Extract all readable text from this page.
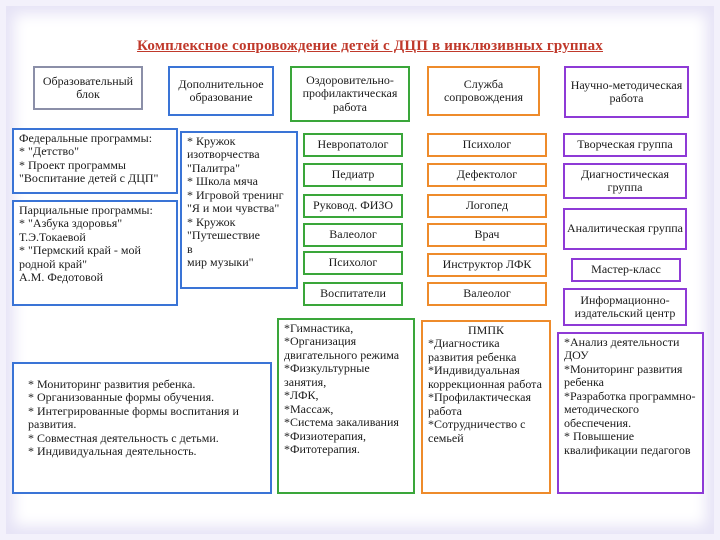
Комплексное сопровождение детей с ДЦП в инклюзивных группах
Образовательный блок
Дополнительное образование
Оздоровительно-профилактическая работа
Служба сопровождения
Научно-методическая работа
Федеральные программы:
* "Детство"
* Проект программы
"Воспитание детей с ДЦП"
Парциальные программы:
* "Азбука здоровья"
Т.Э.Токаевой
* "Пермский край - мой
родной край"
А.М. Федотовой
* Кружок
изотворчества
"Палитра"
* Школа мяча
* Игровой тренинг
"Я и мои чувства"
* Кружок "Путешествие
в
мир музыки"
Невропатолог
Педиатр
Руковод. ФИЗО
Валеолог
Психолог
Воспитатели
Психолог
Дефектолог
Логопед
Врач
Инструктор ЛФК
Валеолог
Творческая группа
Диагностическая группа
Аналитическая группа
Мастер-класс
Информационно-издательский центр
* Мониторинг развития ребенка.
* Организованные формы обучения.
* Интегрированные формы воспитания и развития.
* Совместная деятельность с детьми.
* Индивидуальная деятельность.
*Гимнастика,
*Организация двигательного режима
*Физкультурные занятия,
*ЛФК,
*Массаж,
*Система закаливания
*Физиотерапия,
*Фитотерапия.
ПМПК
*Диагностика развития ребенка
*Индивидуальная коррекционная работа
*Профилактическая работа
*Сотрудничество с семьей
*Анализ деятельности ДОУ
*Мониторинг развития ребенка
*Разработка программно-методического обеспечения.
* Повышение квалификации педагогов
